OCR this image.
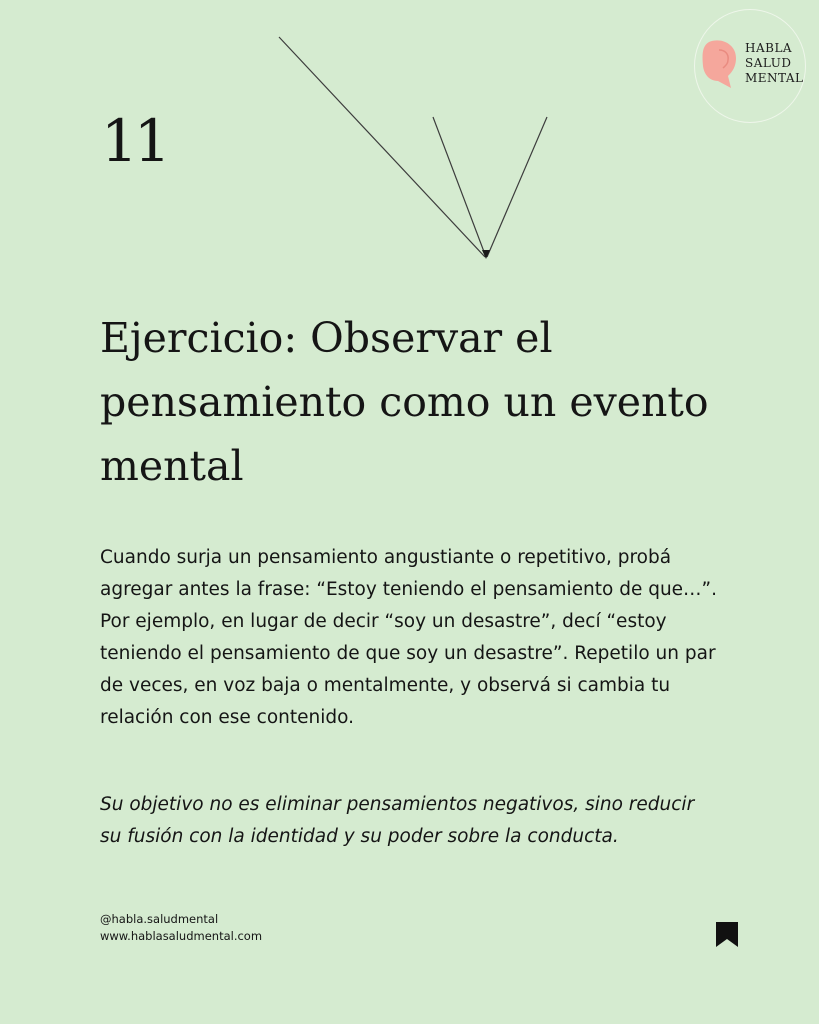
HABLA
SALUD
MENTAL
11
Ejercicio: Observar el pensamiento como un evento mental

Cuando surja un pensamiento angustiante o repetitivo, probá agregar antes la frase: “Estoy teniendo el pensamiento de que…”. Por ejemplo, en lugar de decir “soy un desastre”, decí “estoy teniendo el pensamiento de que soy un desastre”. Repetilo un par de veces, en voz baja o mentalmente, y observá si cambia tu relación con ese contenido.

Su objetivo no es eliminar pensamientos negativos, sino reducir su fusión con la identidad y su poder sobre la conducta.

@habla.saludmental
www.hablasaludmental.com
